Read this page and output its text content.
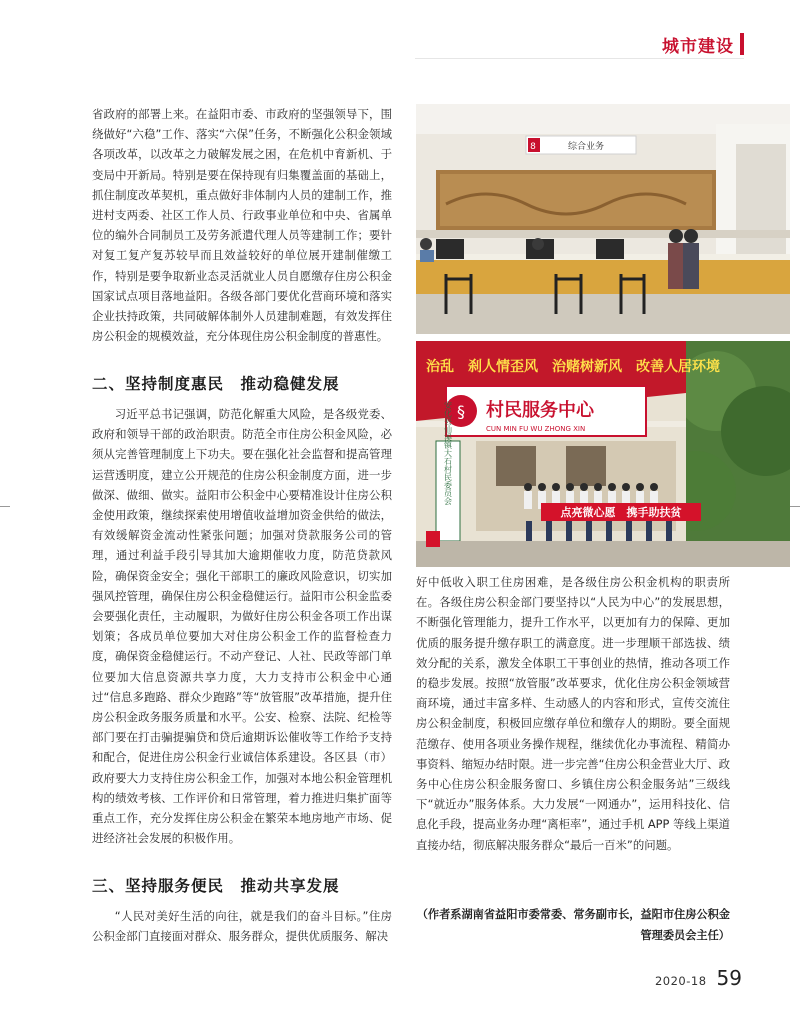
城市建设

省政府的部署上来。在益阳市委、市政府的坚强领导下，围绕做好“六稳”工作、落实“六保”任务，不断强化公积金领域各项改革，以改革之力破解发展之困，在危机中育新机、于变局中开新局。特别是要在保持现有归集覆盖面的基础上，抓住制度改革契机，重点做好非体制内人员的建制工作，推进村支两委、社区工作人员、行政事业单位和中央、省属单位的编外合同制员工及劳务派遣代理人员等建制工作；要针对复工复产复苏较早而且效益较好的单位展开建制催缴工作，特别是要争取新业态灵活就业人员自愿缴存住房公积金国家试点项目落地益阳。各级各部门要优化营商环境和落实企业扶持政策，共同破解体制外人员建制难题，有效发挥住房公积金的规模效益，充分体现住房公积金制度的普惠性。

二、坚持制度惠民　推动稳健发展

习近平总书记强调，防范化解重大风险，是各级党委、政府和领导干部的政治职责。防范全市住房公积金风险，必须从完善管理制度上下功夫。要在强化社会监督和提高管理运营透明度，建立公开规范的住房公积金制度方面，进一步做深、做细、做实。益阳市公积金中心要精准设计住房公积金使用政策，继续探索使用增值收益增加资金供给的做法，有效缓解资金流动性紧张问题；加强对贷款服务公司的管理，通过利益手段引导其加大逾期催收力度，防范贷款风险，确保资金安全；强化干部职工的廉政风险意识，切实加强风控管理，确保住房公积金稳健运行。益阳市公积金监委会要强化责任，主动履职，为做好住房公积金各项工作出谋划策；各成员单位要加大对住房公积金工作的监督检查力度，确保资金稳健运行。不动产登记、人社、民政等部门单位要加大信息资源共享力度，大力支持市公积金中心通过“信息多跑路、群众少跑路”等“放管服”改革措施，提升住房公积金政务服务质量和水平。公安、检察、法院、纪检等部门要在打击骗提骗贷和贷后逾期诉讼催收等工作给予支持和配合，促进住房公积金行业诚信体系建设。各区县（市）政府要大力支持住房公积金工作，加强对本地公积金管理机构的绩效考核、工作评价和日常管理，着力推进归集扩面等重点工作，充分发挥住房公积金在繁荣本地房地产市场、促进经济社会发展的积极作用。

三、坚持服务便民　推动共享发展

“人民对美好生活的向往，就是我们的奋斗目标。”住房公积金部门直接面对群众、服务群众，提供优质服务、解决

8	综合业务
治乱　刹人情歪风　治赌树新风　改善人居环境
§ 村民服务中心
CUN MIN FU WU ZHONG XIN
安化县仙溪镇大石村民委员会
点亮微心愿　携手助扶贫

好中低收入职工住房困难，是各级住房公积金机构的职责所在。各级住房公积金部门要坚持以“人民为中心”的发展思想，不断强化管理能力，提升工作水平，以更加有力的保障、更加优质的服务提升缴存职工的满意度。进一步理顺干部选拔、绩效分配的关系，激发全体职工干事创业的热情，推动各项工作的稳步发展。按照“放管服”改革要求，优化住房公积金领域营商环境，通过丰富多样、生动感人的内容和形式，宣传交流住房公积金制度，积极回应缴存单位和缴存人的期盼。要全面规范缴存、使用各项业务操作规程，继续优化办事流程、精简办事资料、缩短办结时限。进一步完善“住房公积金营业大厅、政务中心住房公积金服务窗口、乡镇住房公积金服务站”三级线下“就近办”服务体系。大力发展“一网通办”，运用科技化、信息化手段，提高业务办理“离柜率”，通过手机 APP 等线上渠道直接办结，彻底解决服务群众“最后一百米”的问题。

（作者系湖南省益阳市委常委、常务副市长，益阳市住房公积金管理委员会主任）
2020-18 59
